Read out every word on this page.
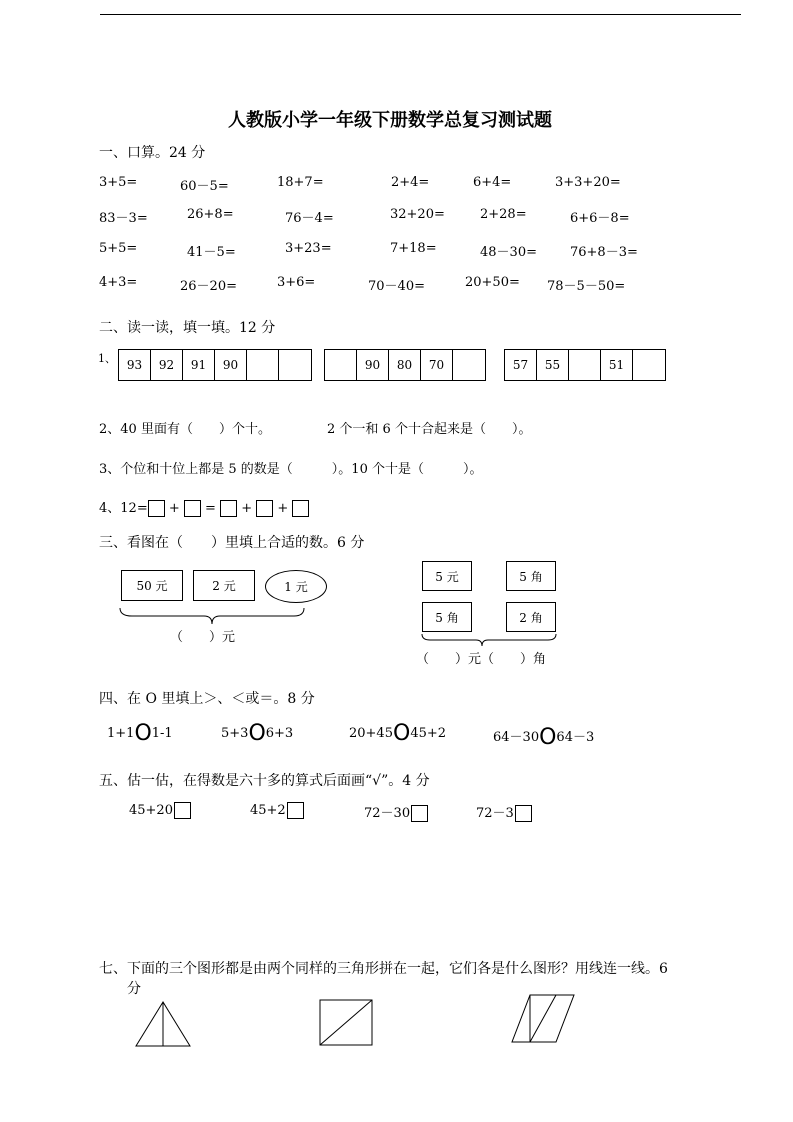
人教版小学一年级下册数学总复习测试题
一、口算。24 分
3+5=	60－5=	18+7=	2+4=	6+4=	3+3+20=
83－3=	26+8=	76－4=	32+20=	2+28=	6+6－8=
5+5=	41－5=	3+23=	7+18=	48－30=	76+8－3=
4+3=	26－20=	3+6=	70－40=	20+50= 78－5－50=
二、读一读，填一填。12 分
1、 93	92	91	90	90	80	70	57	55	51
2、40 里面有（　　）个十。	2 个一和 6 个十合起来是（　　）。
3、个位和十位上都是 5 的数是（　　　）。10 个十是（　　　）。
4、12= + = + +
三、看图在（　　）里填上合适的数。6 分
50 元	2 元	1 元
（　　）元
5 元	5 角
5 角	2 角
（　　）元（　　）角
四、在 O 里填上＞、＜或＝。8 分
1+1O1-1	5+3O6+3	20+45O45+2	64－30O64－3
五、估一估，在得数是六十多的算式后面画“√”。4 分
45+20	45+2	72－30	72－3
七、下面的三个图形都是由两个同样的三角形拼在一起，它们各是什么图形？用线连一线。6
分
